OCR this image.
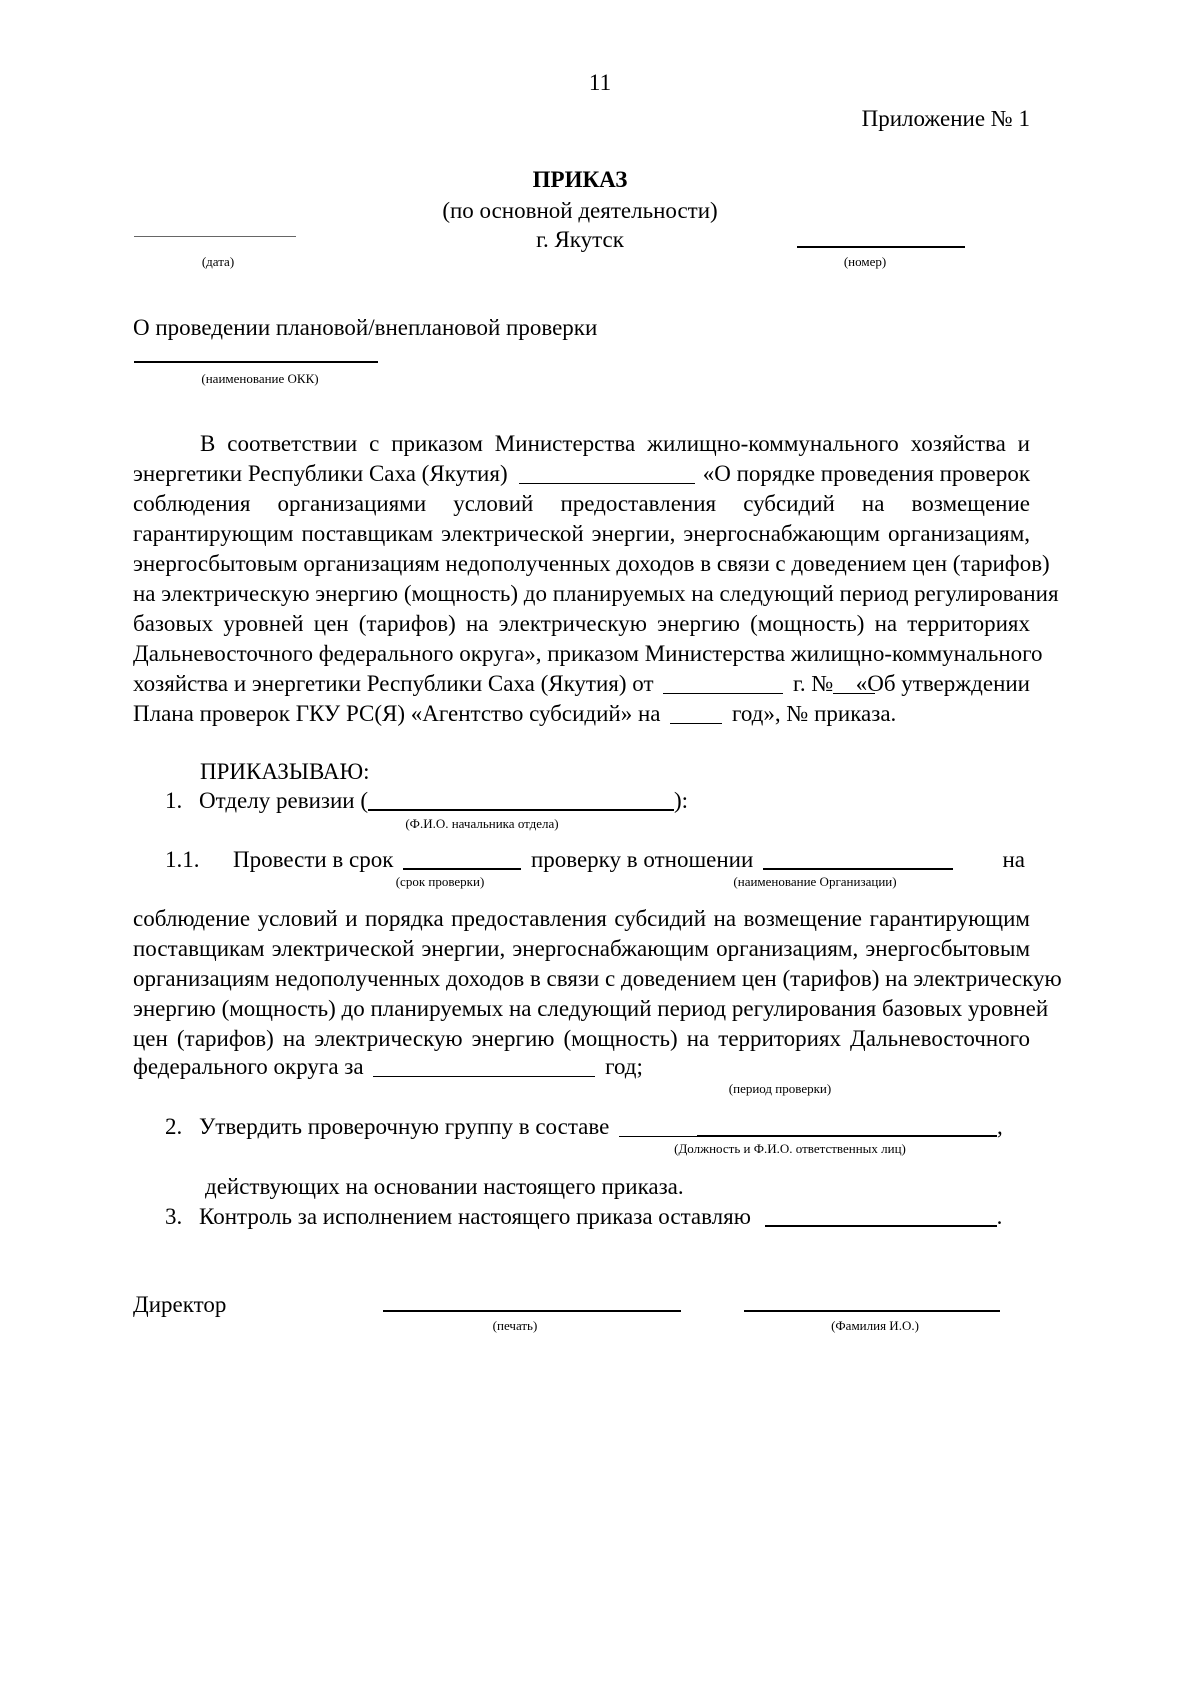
11
Приложение № 1
ПРИКАЗ
(по основной деятельности)
г. Якутск
(дата)	(номер)
О проведении плановой/внеплановой проверки
(наименование ОКК)
В соответствии с приказом Министерства жилищно-коммунального хозяйства и
энергетики Республики Саха (Якутия)	«О порядке проведения проверок
соблюдения организациями условий предоставления субсидий на возмещение
гарантирующим поставщикам электрической энергии, энергоснабжающим организациям,
энергосбытовым организациям недополученных доходов в связи с доведением цен (тарифов)
на электрическую энергию (мощность) до планируемых на следующий период регулирования
базовых уровней цен (тарифов) на электрическую энергию (мощность) на территориях
Дальневосточного федерального округа», приказом Министерства жилищно-коммунального
хозяйства и энергетики Республики Саха (Якутия) от	г. № «Об утверждении
Плана проверок ГКУ РС(Я) «Агентство субсидий» на	год», № приказа.
ПРИКАЗЫВАЮ:
1. Отделу ревизии (	):
(Ф.И.О. начальника отдела)
1.1. Провести в срок	проверку в отношении	на
(срок проверки)	(наименование Организации)
соблюдение условий и порядка предоставления субсидий на возмещение гарантирующим
поставщикам электрической энергии, энергоснабжающим организациям, энергосбытовым
организациям недополученных доходов в связи с доведением цен (тарифов) на электрическую
энергию (мощность) до планируемых на следующий период регулирования базовых уровней
цен (тарифов) на электрическую энергию (мощность) на территориях Дальневосточного
федерального округа за	год;
(период проверки)
2. Утвердить проверочную группу в составе	,
(Должность и Ф.И.О. ответственных лиц)
действующих на основании настоящего приказа.
3. Контроль за исполнением настоящего приказа оставляю	.
Директор
(печать)	(Фамилия И.О.)
